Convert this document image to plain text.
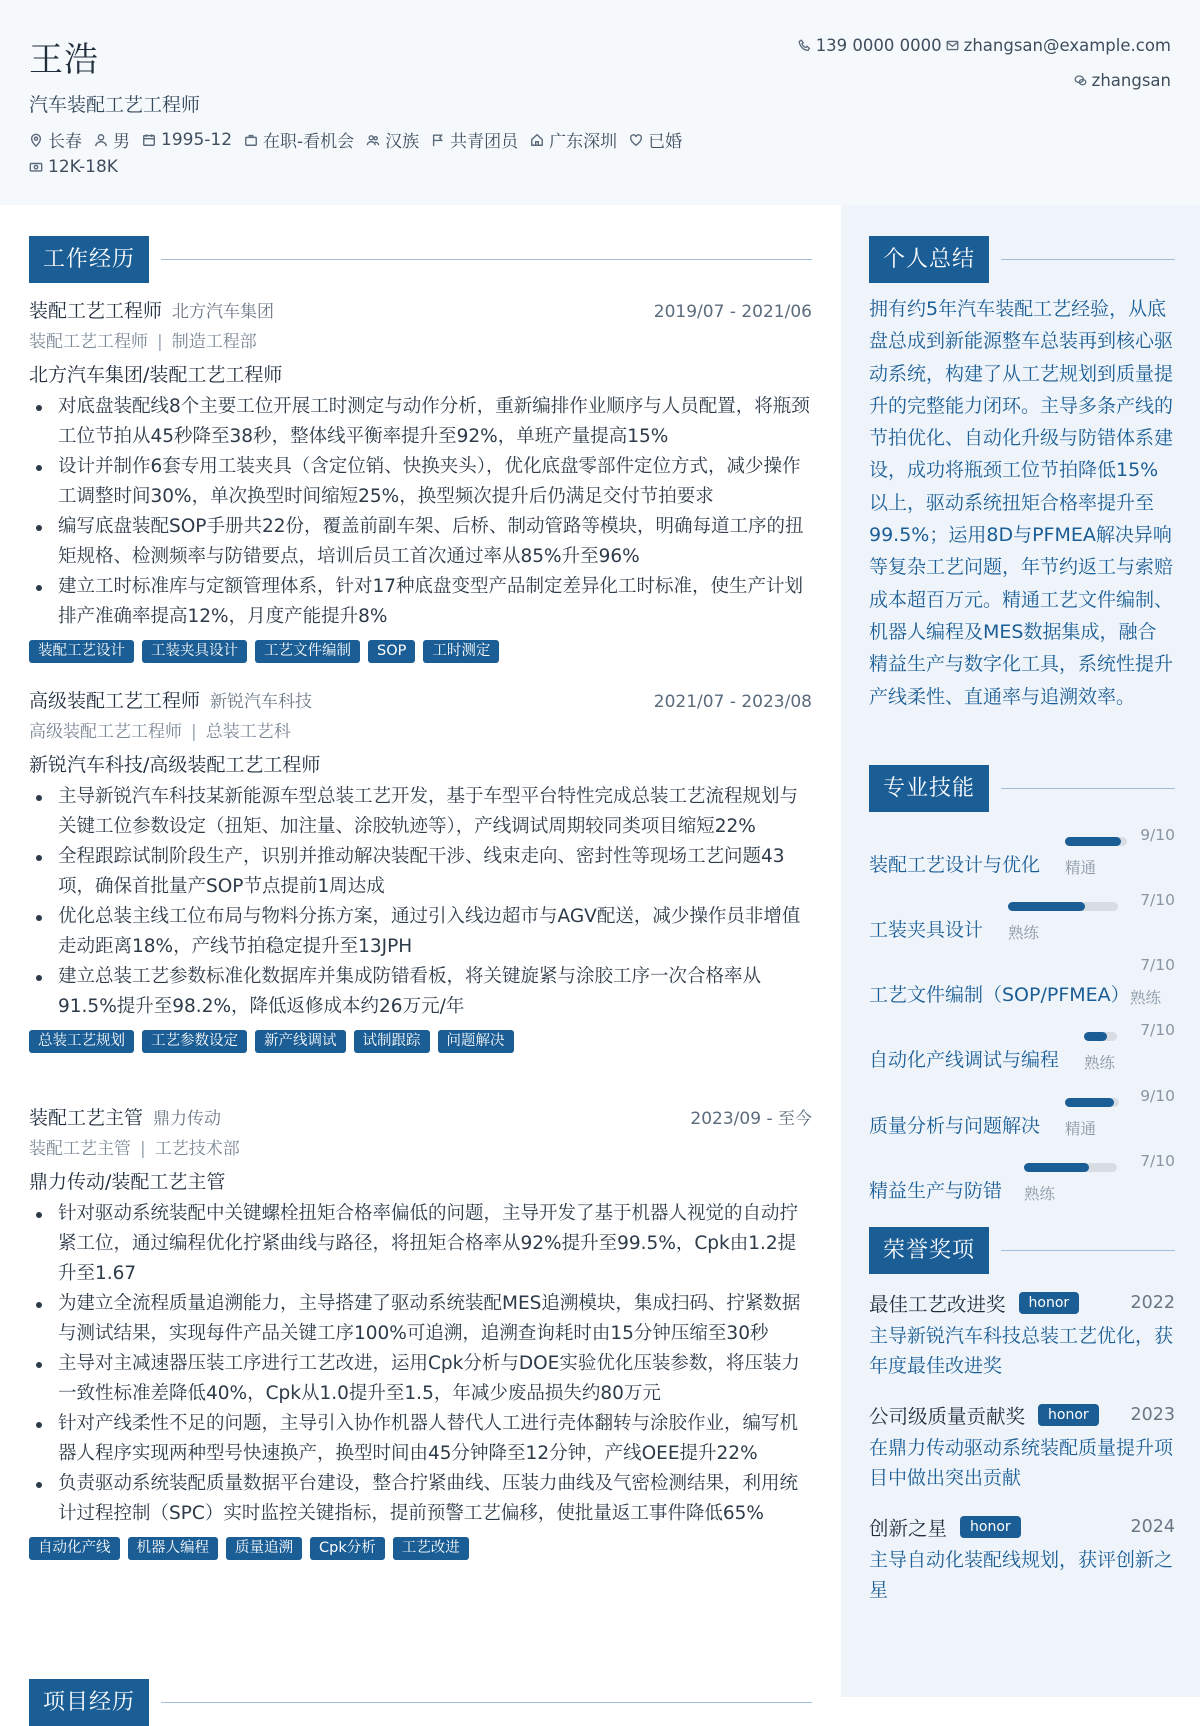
王浩
汽车装配工艺工程师
长春 男 1995-12 在职-看机会 汉族 共青团员 广东深圳 已婚
12K-18K
139 0000 0000 zhangsan@example.com
zhangsan
工作经历
装配工艺工程师 北方汽车集团	2019/07 - 2021/06
装配工艺工程师 | 制造工程部
北方汽车集团/装配工艺工程师
对底盘装配线8个主要工位开展工时测定与动作分析，重新编排作业顺序与人员配置，将瓶颈工位节拍从45秒降至38秒，整体线平衡率提升至92%，单班产量提高15%
设计并制作6套专用工装夹具（含定位销、快换夹头），优化底盘零部件定位方式，减少操作工调整时间30%，单次换型时间缩短25%，换型频次提升后仍满足交付节拍要求
编写底盘装配SOP手册共22份，覆盖前副车架、后桥、制动管路等模块，明确每道工序的扭矩规格、检测频率与防错要点，培训后员工首次通过率从85%升至96%
建立工时标准库与定额管理体系，针对17种底盘变型产品制定差异化工时标准，使生产计划排产准确率提高12%，月度产能提升8%
装配工艺设计	工装夹具设计	工艺文件编制	SOP	工时测定
高级装配工艺工程师 新锐汽车科技	2021/07 - 2023/08
高级装配工艺工程师 | 总装工艺科
新锐汽车科技/高级装配工艺工程师
主导新锐汽车科技某新能源车型总装工艺开发，基于车型平台特性完成总装工艺流程规划与关键工位参数设定（扭矩、加注量、涂胶轨迹等），产线调试周期较同类项目缩短22%
全程跟踪试制阶段生产，识别并推动解决装配干涉、线束走向、密封性等现场工艺问题43项，确保首批量产SOP节点提前1周达成
优化总装主线工位布局与物料分拣方案，通过引入线边超市与AGV配送，减少操作员非增值走动距离18%，产线节拍稳定提升至13JPH
建立总装工艺参数标准化数据库并集成防错看板，将关键旋紧与涂胶工序一次合格率从91.5%提升至98.2%，降低返修成本约26万元/年
总装工艺规划	工艺参数设定	新产线调试	试制跟踪	问题解决
装配工艺主管 鼎力传动	2023/09 - 至今
装配工艺主管 | 工艺技术部
鼎力传动/装配工艺主管
针对驱动系统装配中关键螺栓扭矩合格率偏低的问题，主导开发了基于机器人视觉的自动拧紧工位，通过编程优化拧紧曲线与路径，将扭矩合格率从92%提升至99.5%，Cpk由1.2提升至1.67
为建立全流程质量追溯能力，主导搭建了驱动系统装配MES追溯模块，集成扫码、拧紧数据与测试结果，实现每件产品关键工序100%可追溯，追溯查询耗时由15分钟压缩至30秒
主导对主减速器压装工序进行工艺改进，运用Cpk分析与DOE实验优化压装参数，将压装力一致性标准差降低40%，Cpk从1.0提升至1.5，年减少废品损失约80万元
针对产线柔性不足的问题，主导引入协作机器人替代人工进行壳体翻转与涂胶作业，编写机器人程序实现两种型号快速换产，换型时间由45分钟降至12分钟，产线OEE提升22%
负责驱动系统装配质量数据平台建设，整合拧紧曲线、压装力曲线及气密检测结果，利用统计过程控制（SPC）实时监控关键指标，提前预警工艺偏移，使批量返工事件降低65%
自动化产线	机器人编程	质量追溯	Cpk分析	工艺改进
项目经历
个人总结
拥有约5年汽车装配工艺经验，从底盘总成到新能源整车总装再到核心驱动系统，构建了从工艺规划到质量提升的完整能力闭环。主导多条产线的节拍优化、自动化升级与防错体系建设，成功将瓶颈工位节拍降低15%以上，驱动系统扭矩合格率提升至99.5%；运用8D与PFMEA解决异响等复杂工艺问题，年节约返工与索赔成本超百万元。精通工艺文件编制、机器人编程及MES数据集成，融合精益生产与数字化工具，系统性提升产线柔性、直通率与追溯效率。
专业技能
装配工艺设计与优化
9/10
精通
工装夹具设计
7/10
熟练
工艺文件编制（SOP/PFMEA）
7/10
熟练
自动化产线调试与编程
7/10
熟练
质量分析与问题解决
9/10
精通
精益生产与防错
7/10
熟练
荣誉奖项
最佳工艺改进奖	honor	2022
主导新锐汽车科技总装工艺优化，获年度最佳改进奖
公司级质量贡献奖	honor	2023
在鼎力传动驱动系统装配质量提升项目中做出突出贡献
创新之星	honor	2024
主导自动化装配线规划，获评创新之星
